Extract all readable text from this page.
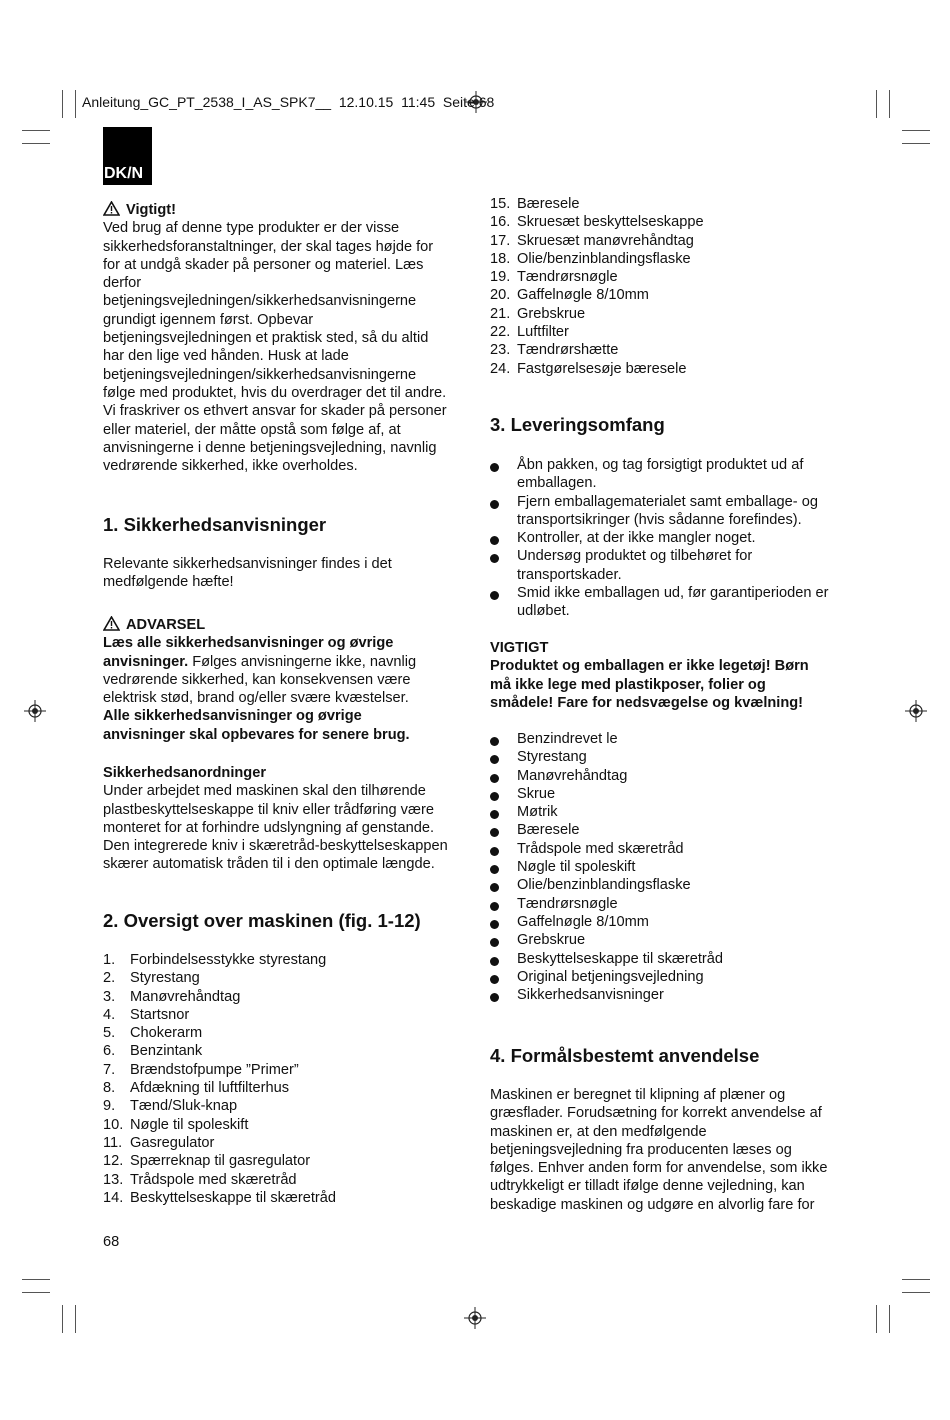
Anleitung_GC_PT_2538_I_AS_SPK7__  12.10.15  11:45  Seite 68
DK/N
Vigtigt!
Ved brug af denne type produkter er der visse
sikkerhedsforanstaltninger, der skal tages højde for
for at undgå skader på personer og materiel. Læs
derfor
betjeningsvejledningen/sikkerhedsanvisningerne
grundigt igennem først. Opbevar
betjeningsvejledningen et praktisk sted, så du altid
har den lige ved hånden. Husk at lade
betjeningsvejledningen/sikkerhedsanvisningerne
følge med produktet, hvis du overdrager det til andre.
Vi fraskriver os ethvert ansvar for skader på personer
eller materiel, der måtte opstå som følge af, at
anvisningerne i denne betjeningsvejledning, navnlig
vedrørende sikkerhed, ikke overholdes.
1. Sikkerhedsanvisninger
Relevante sikkerhedsanvisninger findes i det
medfølgende hæfte!
ADVARSEL
Læs alle sikkerhedsanvisninger og øvrige
anvisninger. Følges anvisningerne ikke, navnlig
vedrørende sikkerhed, kan konsekvensen være
elektrisk stød, brand og/eller svære kvæstelser.
Alle sikkerhedsanvisninger og øvrige
anvisninger skal opbevares for senere brug.
Sikkerhedsanordninger
Under arbejdet med maskinen skal den tilhørende
plastbeskyttelseskappe til kniv eller trådføring være
monteret for at forhindre udslyngning af genstande.
Den integrerede kniv i skæretråd-beskyttelseskappen
skærer automatisk tråden til i den optimale længde.
2. Oversigt over maskinen (fig. 1-12)
1. Forbindelsesstykke styrestang
2. Styrestang
3. Manøvrehåndtag
4. Startsnor
5. Chokerarm
6. Benzintank
7. Brændstofpumpe ”Primer”
8. Afdækning til luftfilterhus
9. Tænd/Sluk-knap
10. Nøgle til spoleskift
11. Gasregulator
12. Spærreknap til gasregulator
13. Trådspole med skæretråd
14. Beskyttelseskappe til skæretråd
68
15. Bæresele
16. Skruesæt beskyttelseskappe
17. Skruesæt manøvrehåndtag
18. Olie/benzinblandingsflaske
19. Tændrørsnøgle
20. Gaffelnøgle 8/10mm
21. Grebskrue
22. Luftfilter
23. Tændrørshætte
24. Fastgørelsesøje bæresele
3. Leveringsomfang
Åbn pakken, og tag forsigtigt produktet ud af
emballagen.
Fjern emballagematerialet samt emballage- og
transportsikringer (hvis sådanne forefindes).
Kontroller, at der ikke mangler noget.
Undersøg produktet og tilbehøret for
transportskader.
Smid ikke emballagen ud, før garantiperioden er
udløbet.
VIGTIGT
Produktet og emballagen er ikke legetøj! Børn
må ikke lege med plastikposer, folier og
smådele! Fare for nedsvægelse og kvælning!
Benzindrevet le
Styrestang
Manøvrehåndtag
Skrue
Møtrik
Bæresele
Trådspole med skæretråd
Nøgle til spoleskift
Olie/benzinblandingsflaske
Tændrørsnøgle
Gaffelnøgle 8/10mm
Grebskrue
Beskyttelseskappe til skæretråd
Original betjeningsvejledning
Sikkerhedsanvisninger
4. Formålsbestemt anvendelse
Maskinen er beregnet til klipning af plæner og
græsflader. Forudsætning for korrekt anvendelse af
maskinen er, at den medfølgende
betjeningsvejledning fra producenten læses og
følges. Enhver anden form for anvendelse, som ikke
udtrykkeligt er tilladt ifølge denne vejledning, kan
beskadige maskinen og udgøre en alvorlig fare for
